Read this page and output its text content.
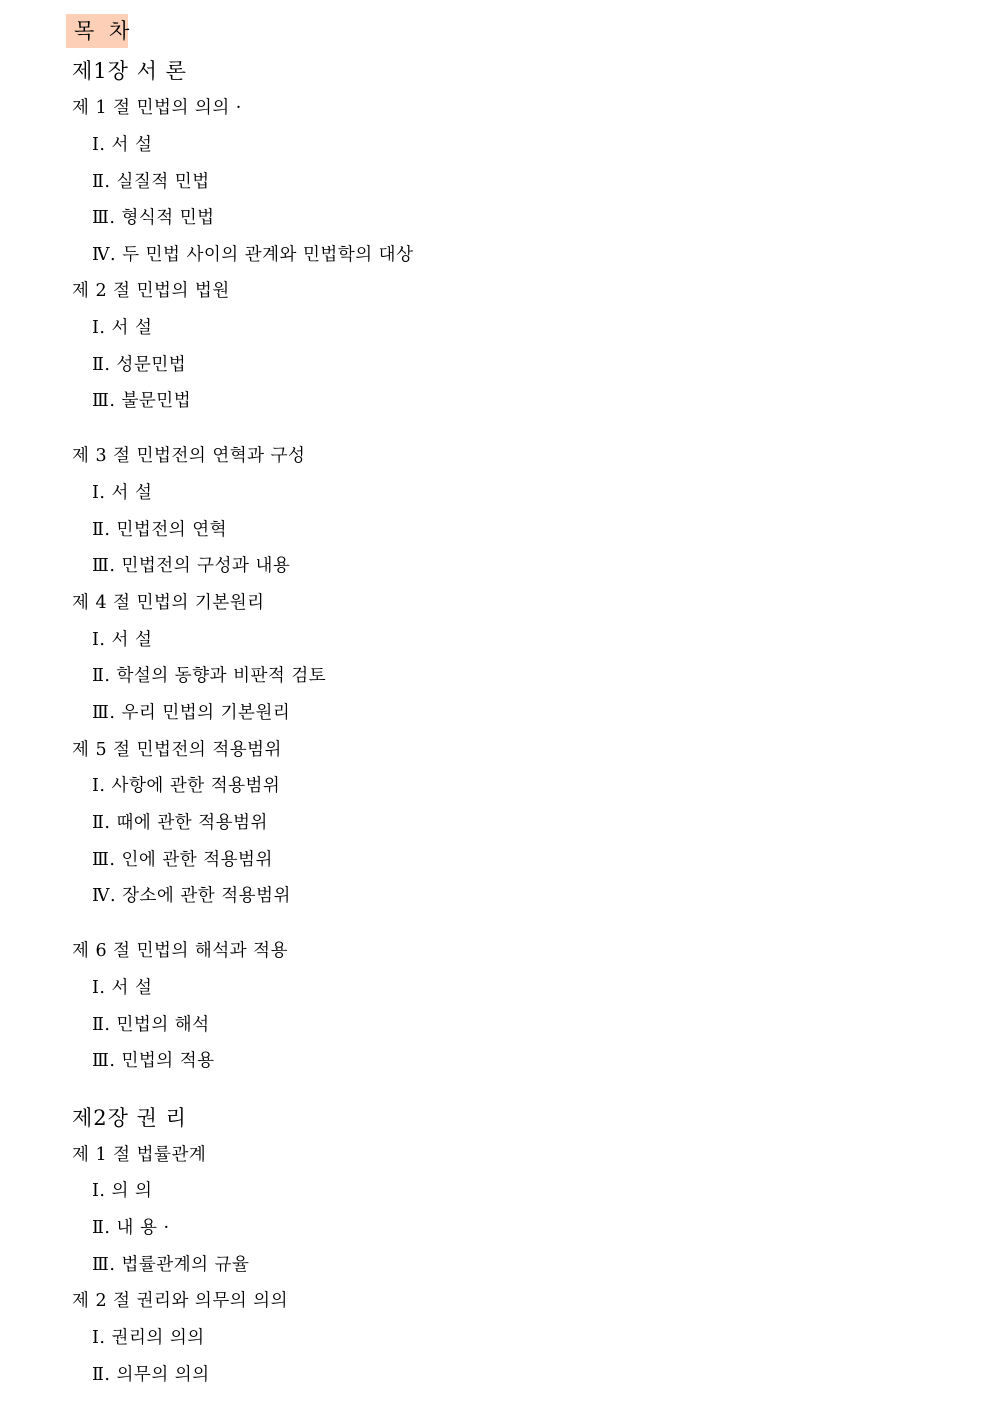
목 차
제1장 서 론
제 1 절 민법의 의의 ·
Ⅰ. 서 설
Ⅱ. 실질적 민법
Ⅲ. 형식적 민법
Ⅳ. 두 민법 사이의 관계와 민법학의 대상
제 2 절 민법의 법원
Ⅰ. 서 설
Ⅱ. 성문민법
Ⅲ. 불문민법
제 3 절 민법전의 연혁과 구성
Ⅰ. 서 설
Ⅱ. 민법전의 연혁
Ⅲ. 민법전의 구성과 내용
제 4 절 민법의 기본원리
Ⅰ. 서 설
Ⅱ. 학설의 동향과 비판적 검토
Ⅲ. 우리 민법의 기본원리
제 5 절 민법전의 적용범위
Ⅰ. 사항에 관한 적용범위
Ⅱ. 때에 관한 적용범위
Ⅲ. 인에 관한 적용범위
Ⅳ. 장소에 관한 적용범위
제 6 절 민법의 해석과 적용
Ⅰ. 서 설
Ⅱ. 민법의 해석
Ⅲ. 민법의 적용
제2장 권 리
제 1 절 법률관계
Ⅰ. 의 의
Ⅱ. 내 용 ·
Ⅲ. 법률관계의 규율
제 2 절 권리와 의무의 의의
Ⅰ. 권리의 의의
Ⅱ. 의무의 의의
